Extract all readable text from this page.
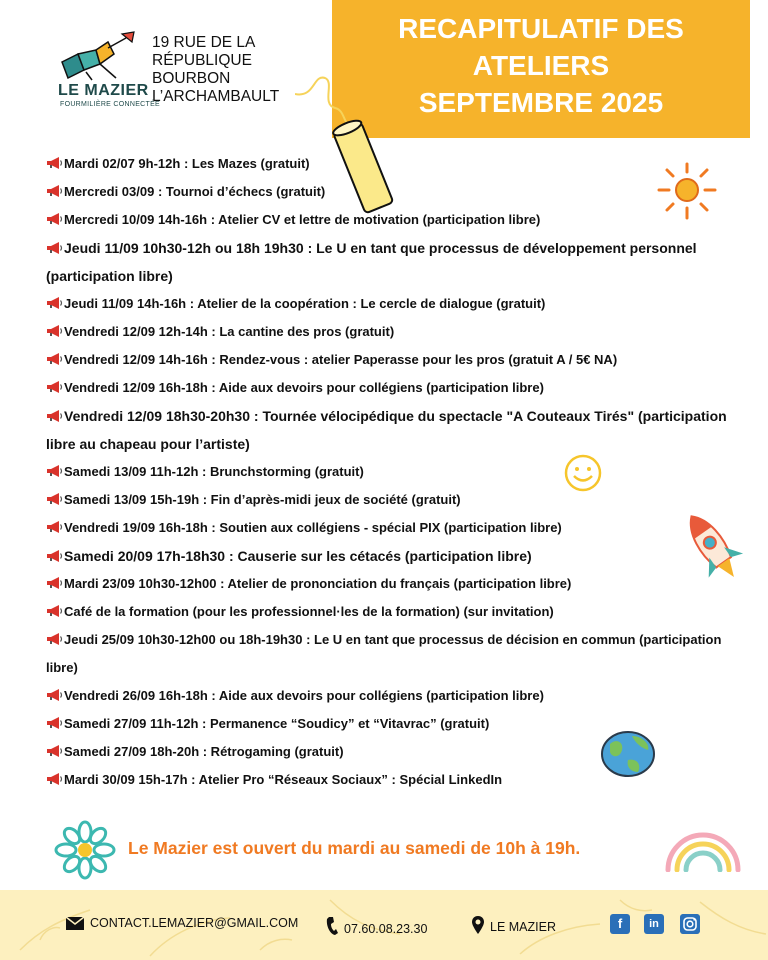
LE MAZIER
FOURMILIÈRE CONNECTÉE
19 RUE DE LA
RÉPUBLIQUE
BOURBON
L’ARCHAMBAULT
RECAPITULATIF DES
ATELIERS
SEPTEMBRE 2025
Mardi 02/07 9h-12h : Les Mazes (gratuit)
Mercredi 03/09 : Tournoi d’échecs (gratuit)
Mercredi 10/09 14h-16h : Atelier CV et lettre de motivation (participation libre)
Jeudi 11/09 10h30-12h ou 18h 19h30 : Le U en tant que processus de développement personnel (participation libre)
Jeudi 11/09 14h-16h : Atelier de la coopération : Le cercle de dialogue (gratuit)
Vendredi 12/09 12h-14h : La cantine des pros (gratuit)
Vendredi 12/09 14h-16h : Rendez-vous : atelier Paperasse pour les pros (gratuit A / 5€ NA)
Vendredi 12/09 16h-18h : Aide aux devoirs pour collégiens (participation libre)
Vendredi 12/09 18h30-20h30 : Tournée vélocipédique du spectacle "A Couteaux Tirés" (participation libre au chapeau pour l’artiste)
Samedi 13/09 11h-12h : Brunchstorming (gratuit)
Samedi 13/09 15h-19h : Fin d’après-midi jeux de société (gratuit)
Vendredi 19/09 16h-18h : Soutien aux collégiens - spécial PIX (participation libre)
Samedi 20/09 17h-18h30 : Causerie sur les cétacés (participation libre)
Mardi 23/09 10h30-12h00 : Atelier de prononciation du français (participation libre)
Café de la formation (pour les professionnel·les de la formation) (sur invitation)
Jeudi 25/09 10h30-12h00 ou 18h-19h30 : Le U en tant que processus de décision en commun (participation libre)
Vendredi 26/09 16h-18h : Aide aux devoirs pour collégiens (participation libre)
Samedi 27/09 11h-12h : Permanence “Soudicy” et “Vitavrac” (gratuit)
Samedi 27/09 18h-20h : Rétrogaming (gratuit)
Mardi 30/09 15h-17h : Atelier Pro “Réseaux Sociaux” : Spécial LinkedIn
Le Mazier est ouvert du mardi au samedi de 10h à 19h.
CONTACT.LEMAZIER@GMAIL.COM	07.60.08.23.30	LE MAZIER	f	in
